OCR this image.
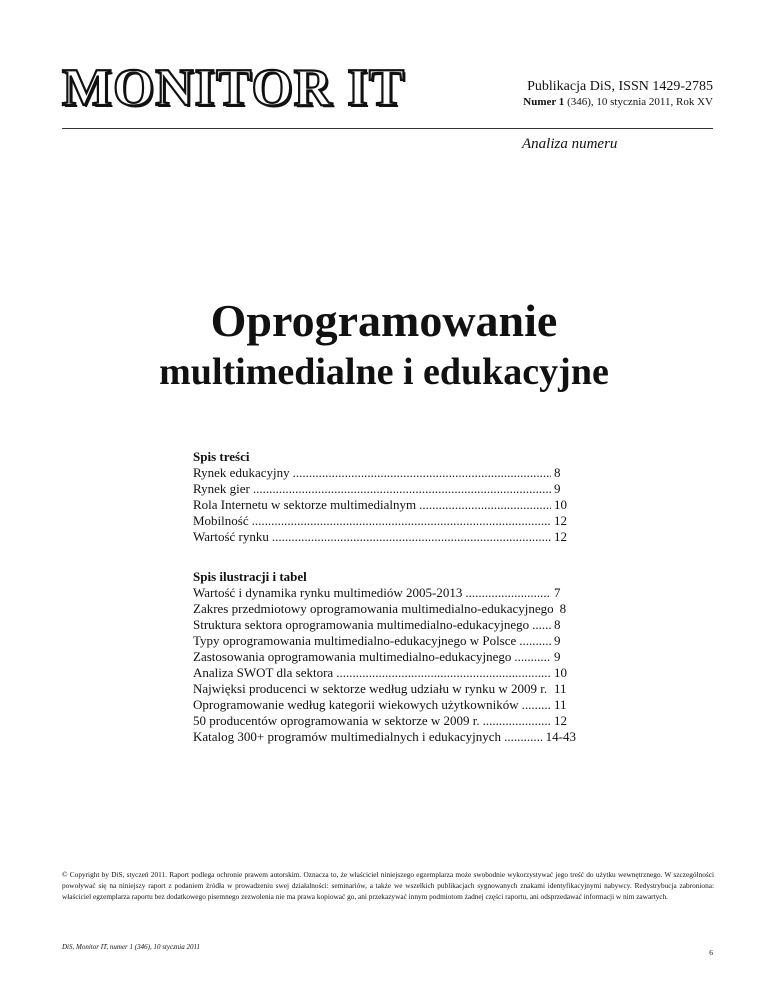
MONITOR IT	Publikacja DiS, ISSN 1429-2785
Numer 1 (346), 10 stycznia 2011, Rok XV
Analiza numeru
Oprogramowanie
multimedialne i edukacyjne
Spis treści
Rynek edukacyjny .....	8
Rynek gier .....	9
Rola Internetu w sektorze multimedialnym .....	10
Mobilność .....	12
Wartość rynku .....	12
Spis ilustracji i tabel
Wartość i dynamika rynku multimediów 2005-2013 .....	7
Zakres przedmiotowy oprogramowania multimedialno-edukacyjnego 8
Struktura sektora oprogramowania multimedialno-edukacyjnego ..... 8
Typy oprogramowania multimedialno-edukacyjnego w Polsce .....	9
Zastosowania oprogramowania multimedialno-edukacyjnego .....	9
Analiza SWOT dla sektora .....	10
Najwięksi producenci w sektorze według udziału w rynku w 2009 r. ..... 11
Oprogramowanie według kategorii wiekowych użytkowników .....	11
50 producentów oprogramowania w sektorze w 2009 r. .....	12
Katalog 300+ programów multimedialnych i edukacyjnych .....	14-43
© Copyright by DiS, styczeń 2011. Raport podlega ochronie prawem autorskim. Oznacza to, że właściciel niniejszego egzemplarza może swobodnie wykorzystywać jego treść do użytku wewnętrznego. W szczególności powoływać się na niniejszy raport z podaniem źródła w prowadzeniu swej działalności: seminariów, a także we wszelkich publikacjach sygnowanych znakami identyfikacyjnymi nabywcy. Redystrybucja zabroniona: właściciel egzemplarza raportu bez dodatkowego pisemnego zezwolenia nie ma prawa kopiować go, ani przekazywać innym podmiotom żadnej części raportu, ani odsprzedawać informacji w nim zawartych.
DiS, Monitor IT, numer 1 (346), 10 stycznia 2011
6
